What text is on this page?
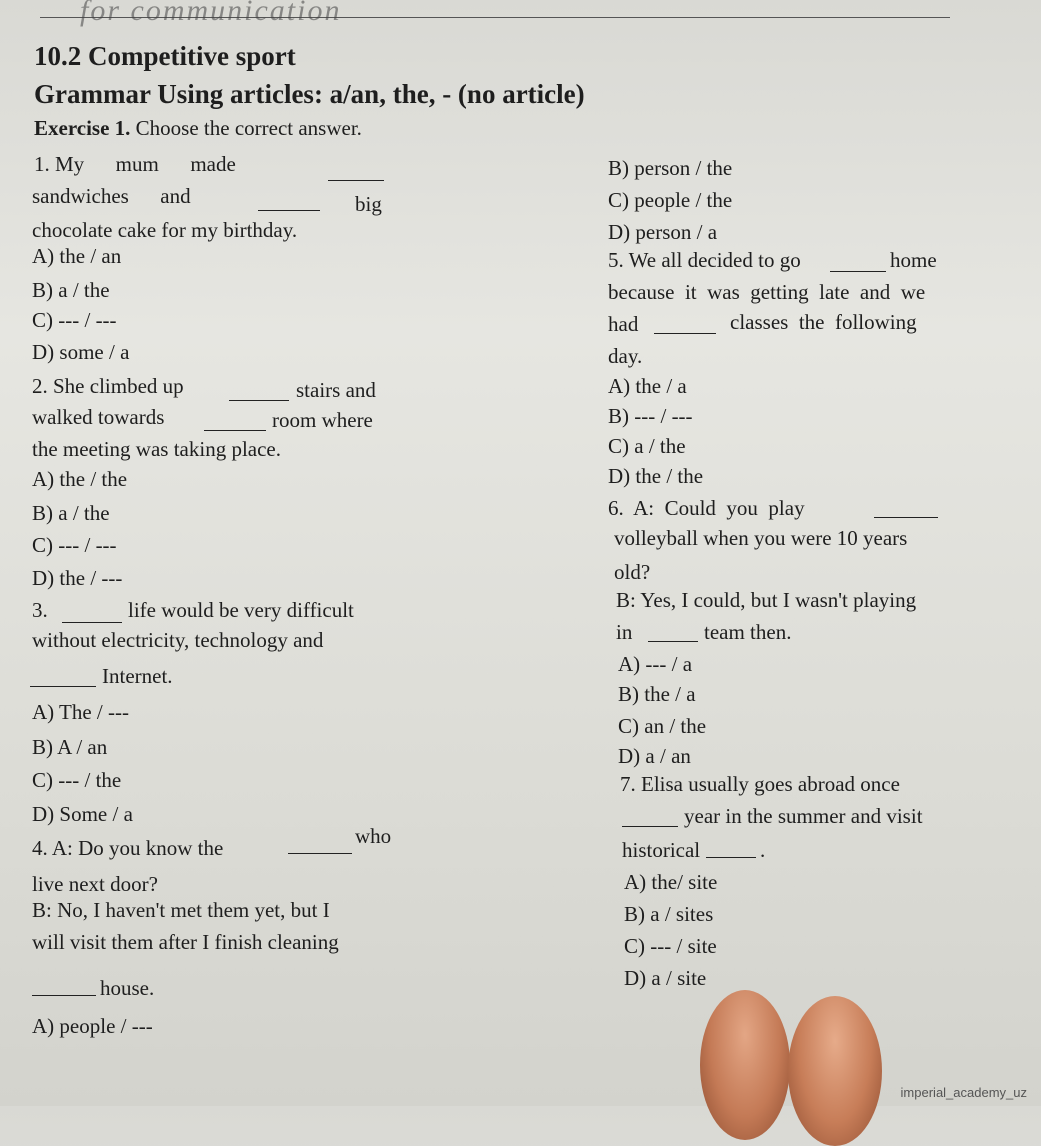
for communication
10.2 Competitive sport
Grammar Using articles: a/an, the, - (no article)
Exercise 1. Choose the correct answer.
1. My      mum      made
sandwiches      and	big
chocolate cake for my birthday.
A) the / an
B) a / the
C) --- / ---
D) some / a
2. She climbed up	stairs and
walked towards	room where
the meeting was taking place.
A) the / the
B) a / the
C) --- / ---
D) the / ---
3.	life would be very difficult
without electricity, technology and
Internet.
A) The / ---
B) A / an
C) --- / the
D) Some / a
4. A: Do you know the	who
live next door?
B: No, I haven't met them yet, but I
will visit them after I finish cleaning
house.
A) people / ---
B) person / the
C) people / the
D) person / a
5. We all decided to go	home
because  it  was  getting  late  and  we
had	classes  the  following
day.
A) the / a
B) --- / ---
C) a / the
D) the / the
6.  A:  Could  you  play
volleyball when you were 10 years
old?
B: Yes, I could, but I wasn't playing
in	team then.
A) --- / a
B) the / a
C) an / the
D) a / an
7. Elisa usually goes abroad once
year in the summer and visit
historical	.
A) the/ site
B) a / sites
C) --- / site
D) a / site
imperial_academy_uz
